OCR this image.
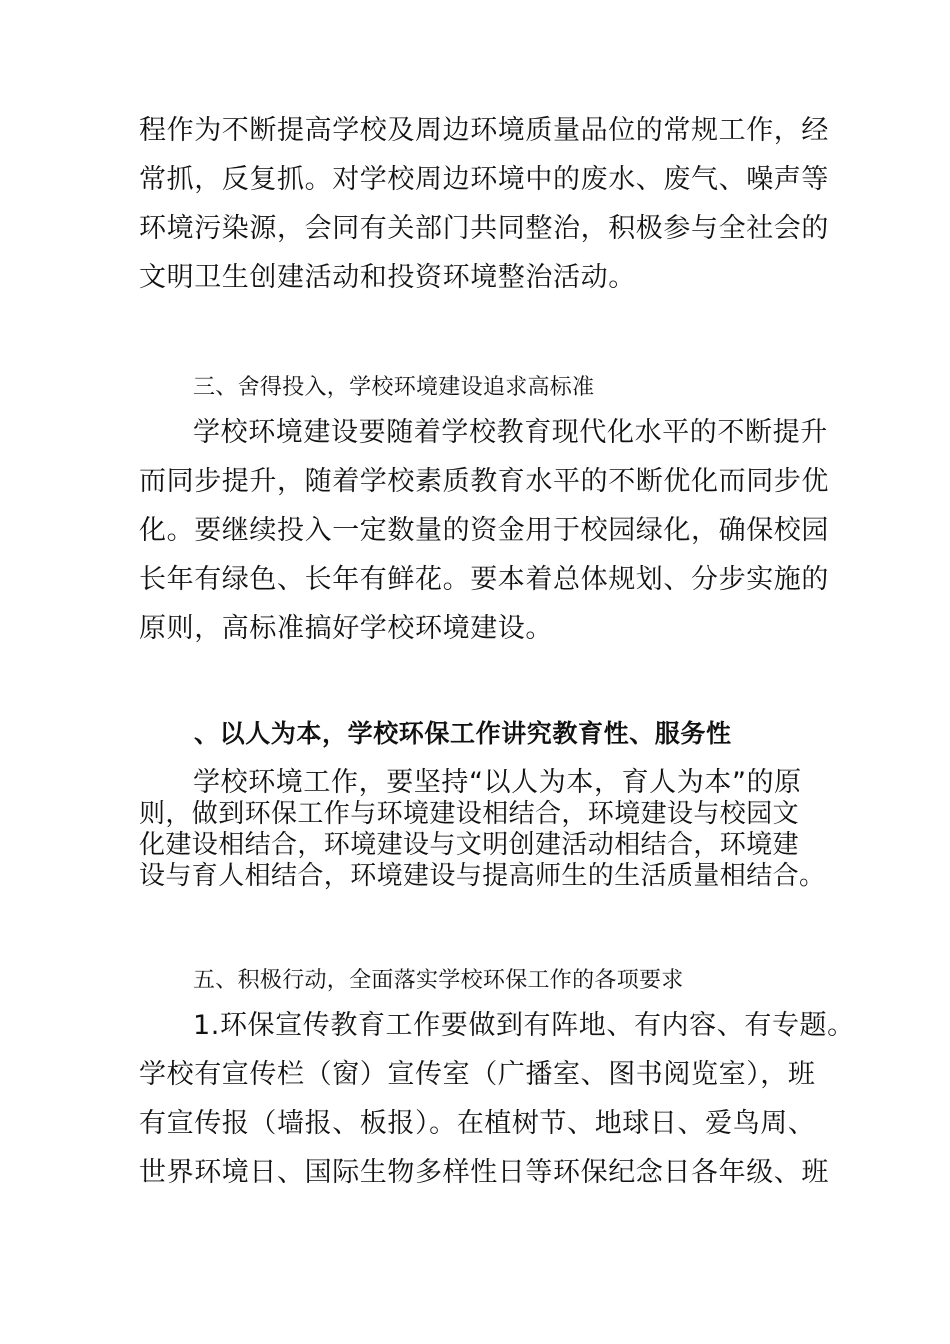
程作为不断提高学校及周边环境质量品位的常规工作，经
常抓，反复抓。对学校周边环境中的废水、废气、噪声等
环境污染源，会同有关部门共同整治，积极参与全社会的
文明卫生创建活动和投资环境整治活动。
三、舍得投入，学校环境建设追求高标准
学校环境建设要随着学校教育现代化水平的不断提升
而同步提升，随着学校素质教育水平的不断优化而同步优
化。要继续投入一定数量的资金用于校园绿化，确保校园
长年有绿色、长年有鲜花。要本着总体规划、分步实施的
原则，高标准搞好学校环境建设。
、以人为本，学校环保工作讲究教育性、服务性
学校环境工作，要坚持“以人为本，育人为本”的原
则，做到环保工作与环境建设相结合，环境建设与校园文
化建设相结合，环境建设与文明创建活动相结合，环境建
设与育人相结合，环境建设与提高师生的生活质量相结合。
五、积极行动，全面落实学校环保工作的各项要求
1.环保宣传教育工作要做到有阵地、有内容、有专题。
学校有宣传栏（窗）宣传室（广播室、图书阅览室），班
有宣传报（墙报、板报）。在植树节、地球日、爱鸟周、
世界环境日、国际生物多样性日等环保纪念日各年级、班
